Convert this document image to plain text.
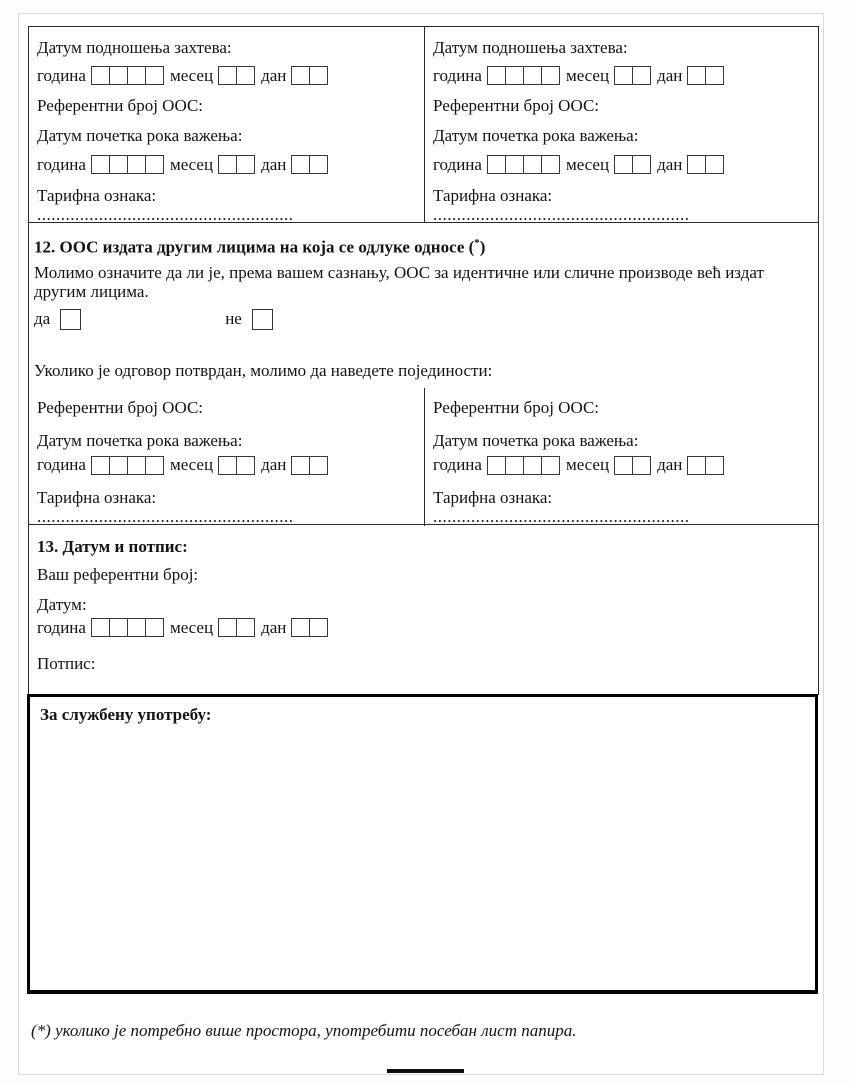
Датум подношења захтева:

година	месец	дан

Референтни број ООС:

Датум почетка рока важења:

година	месец	дан

Тарифна ознака: ......................................................

Датум подношења захтева:

година	месец	дан

Референтни број ООС:

Датум почетка рока важења:

година	месец	дан

Тарифна ознака:  ......................................................

12. ООС издата другим лицима на која се одлуке односе (*)

Молимо означите да ли је, према вашем сазнању, ООС за идентичне или сличне производе већ издат другим лицима.

да	не

Уколико је одговор потврдан, молимо да наведете појединости:

Референтни број ООС:

Датум почетка рока важења:

година	месец	дан

Тарифна ознака: ......................................................

Референтни број ООС:

Датум почетка рока важења:

година	месец	дан

Тарифна ознака: ......................................................

13. Датум и потпис:

Ваш референтни број:

Датум:

година	месец	дан

Потпис:

За службену употребу:

(*) уколико је потребно више простора, употребити посебан лист папира.
